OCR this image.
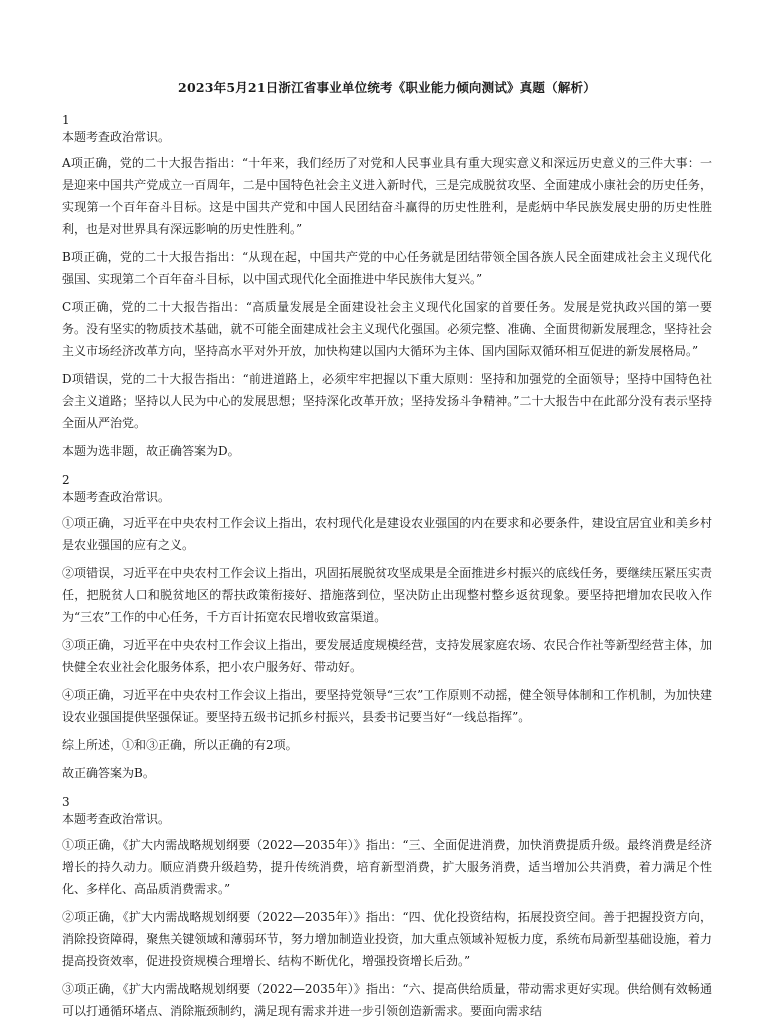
2023年5月21日浙江省事业单位统考《职业能力倾向测试》真题（解析）
1
本题考查政治常识。
A项正确，党的二十大报告指出：“十年来，我们经历了对党和人民事业具有重大现实意义和深远历史意义的三件大事：一是迎来中国共产党成立一百周年，二是中国特色社会主义进入新时代，三是完成脱贫攻坚、全面建成小康社会的历史任务，实现第一个百年奋斗目标。这是中国共产党和中国人民团结奋斗赢得的历史性胜利，是彪炳中华民族发展史册的历史性胜利，也是对世界具有深远影响的历史性胜利。”
B项正确，党的二十大报告指出：“从现在起，中国共产党的中心任务就是团结带领全国各族人民全面建成社会主义现代化强国、实现第二个百年奋斗目标，以中国式现代化全面推进中华民族伟大复兴。”
C项正确，党的二十大报告指出：“高质量发展是全面建设社会主义现代化国家的首要任务。发展是党执政兴国的第一要务。没有坚实的物质技术基础，就不可能全面建成社会主义现代化强国。必须完整、准确、全面贯彻新发展理念，坚持社会主义市场经济改革方向，坚持高水平对外开放，加快构建以国内大循环为主体、国内国际双循环相互促进的新发展格局。”
D项错误，党的二十大报告指出：“前进道路上，必须牢牢把握以下重大原则：坚持和加强党的全面领导；坚持中国特色社会主义道路；坚持以人民为中心的发展思想；坚持深化改革开放；坚持发扬斗争精神。”二十大报告中在此部分没有表示坚持全面从严治党。
本题为选非题，故正确答案为D。
2
本题考查政治常识。
①项正确，习近平在中央农村工作会议上指出，农村现代化是建设农业强国的内在要求和必要条件，建设宜居宜业和美乡村是农业强国的应有之义。
②项错误，习近平在中央农村工作会议上指出，巩固拓展脱贫攻坚成果是全面推进乡村振兴的底线任务，要继续压紧压实责任，把脱贫人口和脱贫地区的帮扶政策衔接好、措施落到位，坚决防止出现整村整乡返贫现象。要坚持把增加农民收入作为“三农”工作的中心任务，千方百计拓宽农民增收致富渠道。
③项正确，习近平在中央农村工作会议上指出，要发展适度规模经营，支持发展家庭农场、农民合作社等新型经营主体，加快健全农业社会化服务体系，把小农户服务好、带动好。
④项正确，习近平在中央农村工作会议上指出，要坚持党领导“三农”工作原则不动摇，健全领导体制和工作机制，为加快建设农业强国提供坚强保证。要坚持五级书记抓乡村振兴，县委书记要当好“一线总指挥”。
综上所述，①和③正确，所以正确的有2项。
故正确答案为B。
3
本题考查政治常识。
①项正确，《扩大内需战略规划纲要（2022—2035年）》指出：“三、全面促进消费，加快消费提质升级。最终消费是经济增长的持久动力。顺应消费升级趋势，提升传统消费，培育新型消费，扩大服务消费，适当增加公共消费，着力满足个性化、多样化、高品质消费需求。”
②项正确，《扩大内需战略规划纲要（2022—2035年）》指出：“四、优化投资结构，拓展投资空间。善于把握投资方向，消除投资障碍，聚焦关键领域和薄弱环节，努力增加制造业投资，加大重点领域补短板力度，系统布局新型基础设施，着力提高投资效率，促进投资规模合理增长、结构不断优化，增强投资增长后劲。”
③项正确，《扩大内需战略规划纲要（2022—2035年）》指出：“六、提高供给质量，带动需求更好实现。供给侧有效畅通可以打通循环堵点、消除瓶颈制约，满足现有需求并进一步引领创造新需求。要面向需求结
